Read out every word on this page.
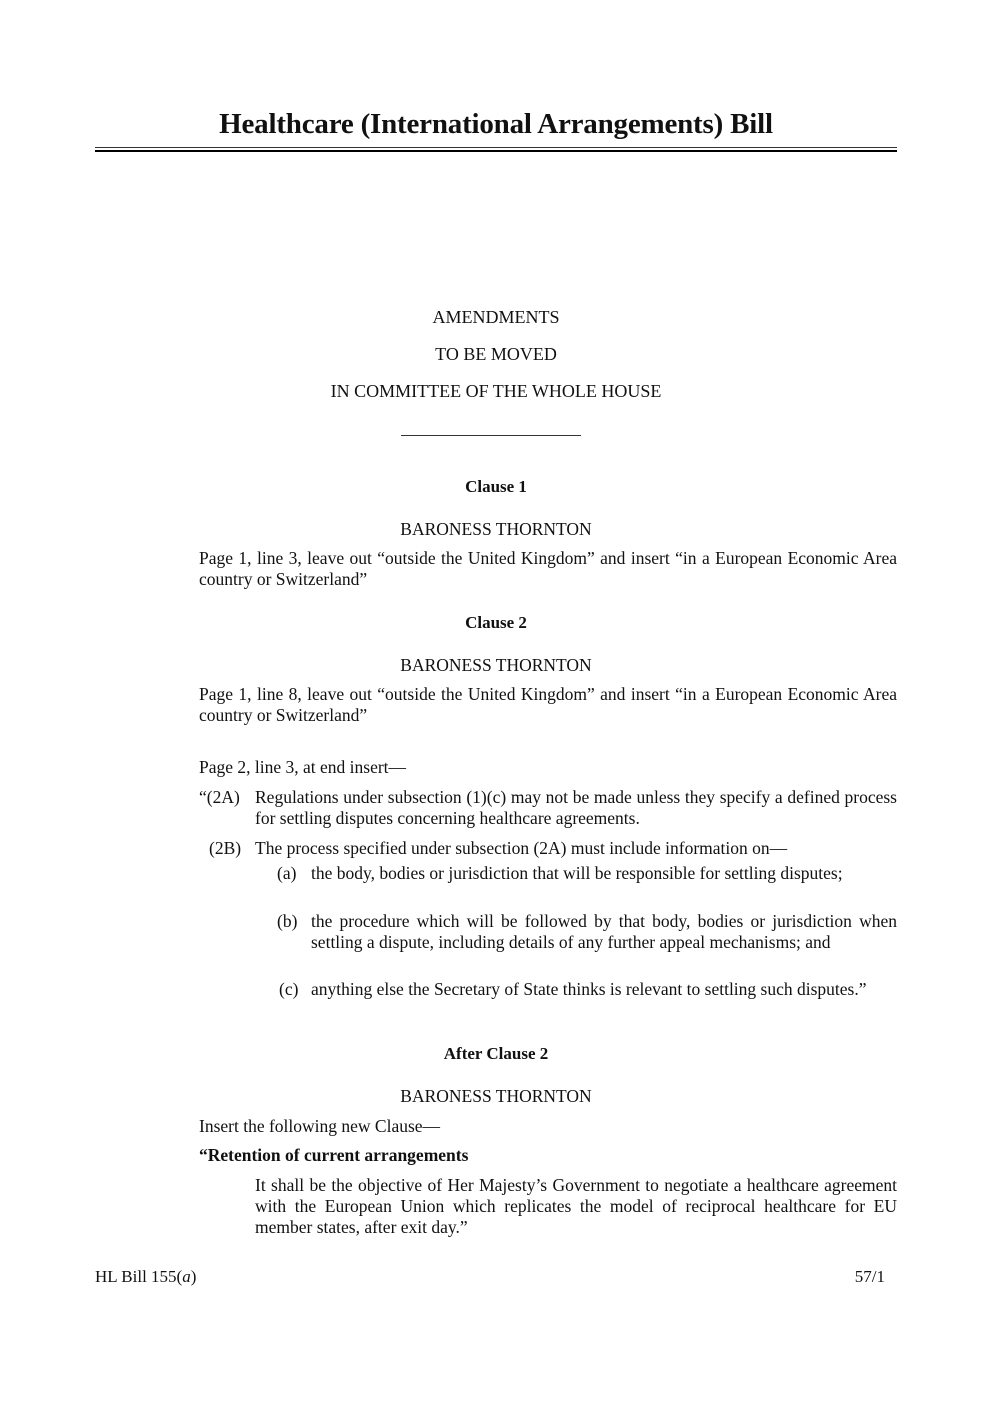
Healthcare (International Arrangements) Bill
AMENDMENTS
TO BE MOVED
IN COMMITTEE OF THE WHOLE HOUSE
Clause 1
BARONESS THORNTON
Page 1, line 3, leave out “outside the United Kingdom” and insert “in a European Economic Area country or Switzerland”
Clause 2
BARONESS THORNTON
Page 1, line 8, leave out “outside the United Kingdom” and insert “in a European Economic Area country or Switzerland”
Page 2, line 3, at end insert—
“(2A) Regulations under subsection (1)(c) may not be made unless they specify a defined process for settling disputes concerning healthcare agreements.
(2B) The process specified under subsection (2A) must include information on—
(a) the body, bodies or jurisdiction that will be responsible for settling disputes;
(b) the procedure which will be followed by that body, bodies or jurisdiction when settling a dispute, including details of any further appeal mechanisms; and
(c) anything else the Secretary of State thinks is relevant to settling such disputes.”
After Clause 2
BARONESS THORNTON
Insert the following new Clause—
“Retention of current arrangements
It shall be the objective of Her Majesty’s Government to negotiate a healthcare agreement with the European Union which replicates the model of reciprocal healthcare for EU member states, after exit day.”
HL Bill 155(a)	57/1
